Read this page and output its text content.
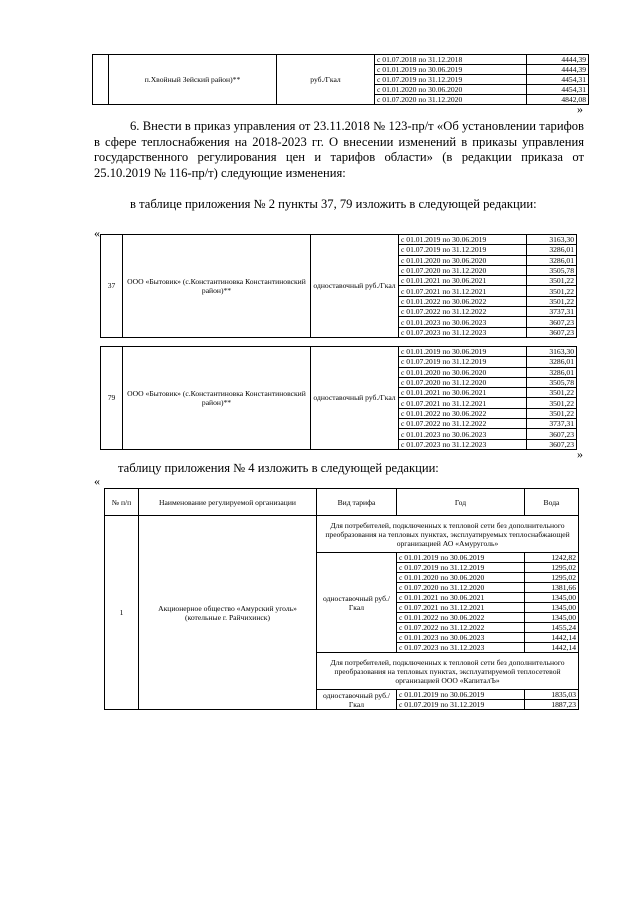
	п.Хвойный Зейский район)**	руб./Гкал	с 01.07.2018 по 31.12.2018	4444,39
			с 01.01.2019 по 30.06.2019	4444,39
			с 01.07.2019 по 31.12.2019	4454,31
			с 01.01.2020 по 30.06.2020	4454,31
			с 01.07.2020 по 31.12.2020	4842,08
»
6. Внести в приказ управления от 23.11.2018 № 123-пр/т «Об установлении тарифов в сфере теплоснабжения на 2018-2023 гг. О внесении изменений в приказы управления государственного регулирования цен и тарифов области» (в редакции приказа от 25.10.2019 № 116-пр/т) следующие изменения:
в таблице приложения № 2 пункты 37, 79 изложить в следующей редакции:
«
37	ООО «Бытовик» (с.Константиновка Константиновский район)**	одноставочный руб./Гкал	с 01.01.2019 по 30.06.2019	3163,30
			с 01.07.2019 по 31.12.2019	3286,01
			с 01.01.2020 по 30.06.2020	3286,01
			с 01.07.2020 по 31.12.2020	3505,78
			с 01.01.2021 по 30.06.2021	3501,22
			с 01.07.2021 по 31.12.2021	3501,22
			с 01.01.2022 по 30.06.2022	3501,22
			с 01.07.2022 по 31.12.2022	3737,31
			с 01.01.2023 по 30.06.2023	3607,23
			с 01.07.2023 по 31.12.2023	3607,23
79	ООО «Бытовик» (с.Константиновка Константиновский район)**	одноставочный руб./Гкал	с 01.01.2019 по 30.06.2019	3163,30
			с 01.07.2019 по 31.12.2019	3286,01
			с 01.01.2020 по 30.06.2020	3286,01
			с 01.07.2020 по 31.12.2020	3505,78
			с 01.01.2021 по 30.06.2021	3501,22
			с 01.07.2021 по 31.12.2021	3501,22
			с 01.01.2022 по 30.06.2022	3501,22
			с 01.07.2022 по 31.12.2022	3737,31
			с 01.01.2023 по 30.06.2023	3607,23
			с 01.07.2023 по 31.12.2023	3607,23
»
таблицу приложения № 4 изложить в следующей редакции:
«
№ п/п	Наименование регулируемой организации	Вид тарифа	Год	Вода
1	Акционерное общество «Амурский уголь» (котельные г. Райчихинск)	Для потребителей, подключенных к тепловой сети без дополнительного преобразования на тепловых пунктах, эксплуатируемых теплоснабжающей организацией АО «Амуруголь»		
		одноставочный руб./Гкал	с 01.01.2019 по 30.06.2019	1242,82
			с 01.07.2019 по 31.12.2019	1295,02
			с 01.01.2020 по 30.06.2020	1295,02
			с 01.07.2020 по 31.12.2020	1381,66
			с 01.01.2021 по 30.06.2021	1345,00
			с 01.07.2021 по 31.12.2021	1345,00
			с 01.01.2022 по 30.06.2022	1345,00
			с 01.07.2022 по 31.12.2022	1455,24
			с 01.01.2023 по 30.06.2023	1442,14
			с 01.07.2023 по 31.12.2023	1442,14
		Для потребителей, подключенных к тепловой сети без дополнительного преобразования на тепловых пунктах, эксплуатируемой теплосетевой организацией ООО «КапиталЪ»		
		одноставочный руб./Гкал	с 01.01.2019 по 30.06.2019	1835,03
			с 01.07.2019 по 31.12.2019	1887,23
